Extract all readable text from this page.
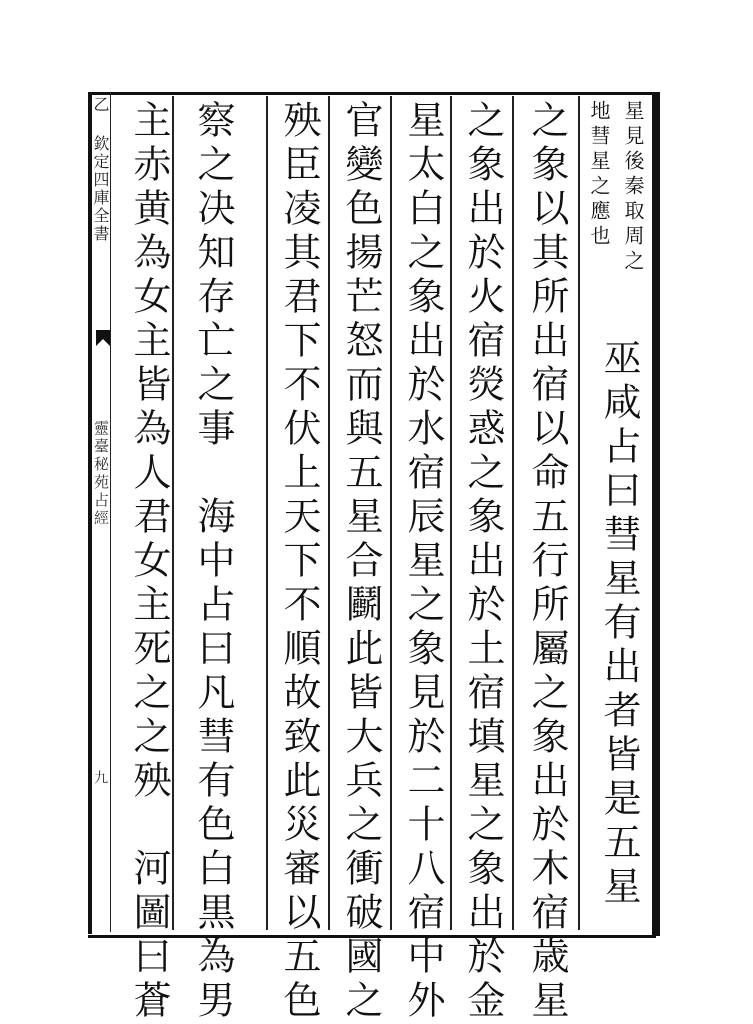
乙 欽定四庫全書
靈臺秘苑占經
九	巫咸占曰彗星有出者皆是五星
星見後秦取周之
地彗星之應也
之象以其所出宿以命五行所屬之象出於木宿歳星
之象出於火宿熒惑之象出於土宿填星之象出於金
星太白之象出於水宿辰星之象見於二十八宿中外
官變色揚芒怒而與五星合鬬此皆大兵之衝破國之
殃臣凌其君下不伏上天下不順故致此災審以五色
察之决知存亡之事　海中占曰凡彗有色白黒為男
主赤黄為女主皆為人君女主死之之殃　河圖曰蒼
